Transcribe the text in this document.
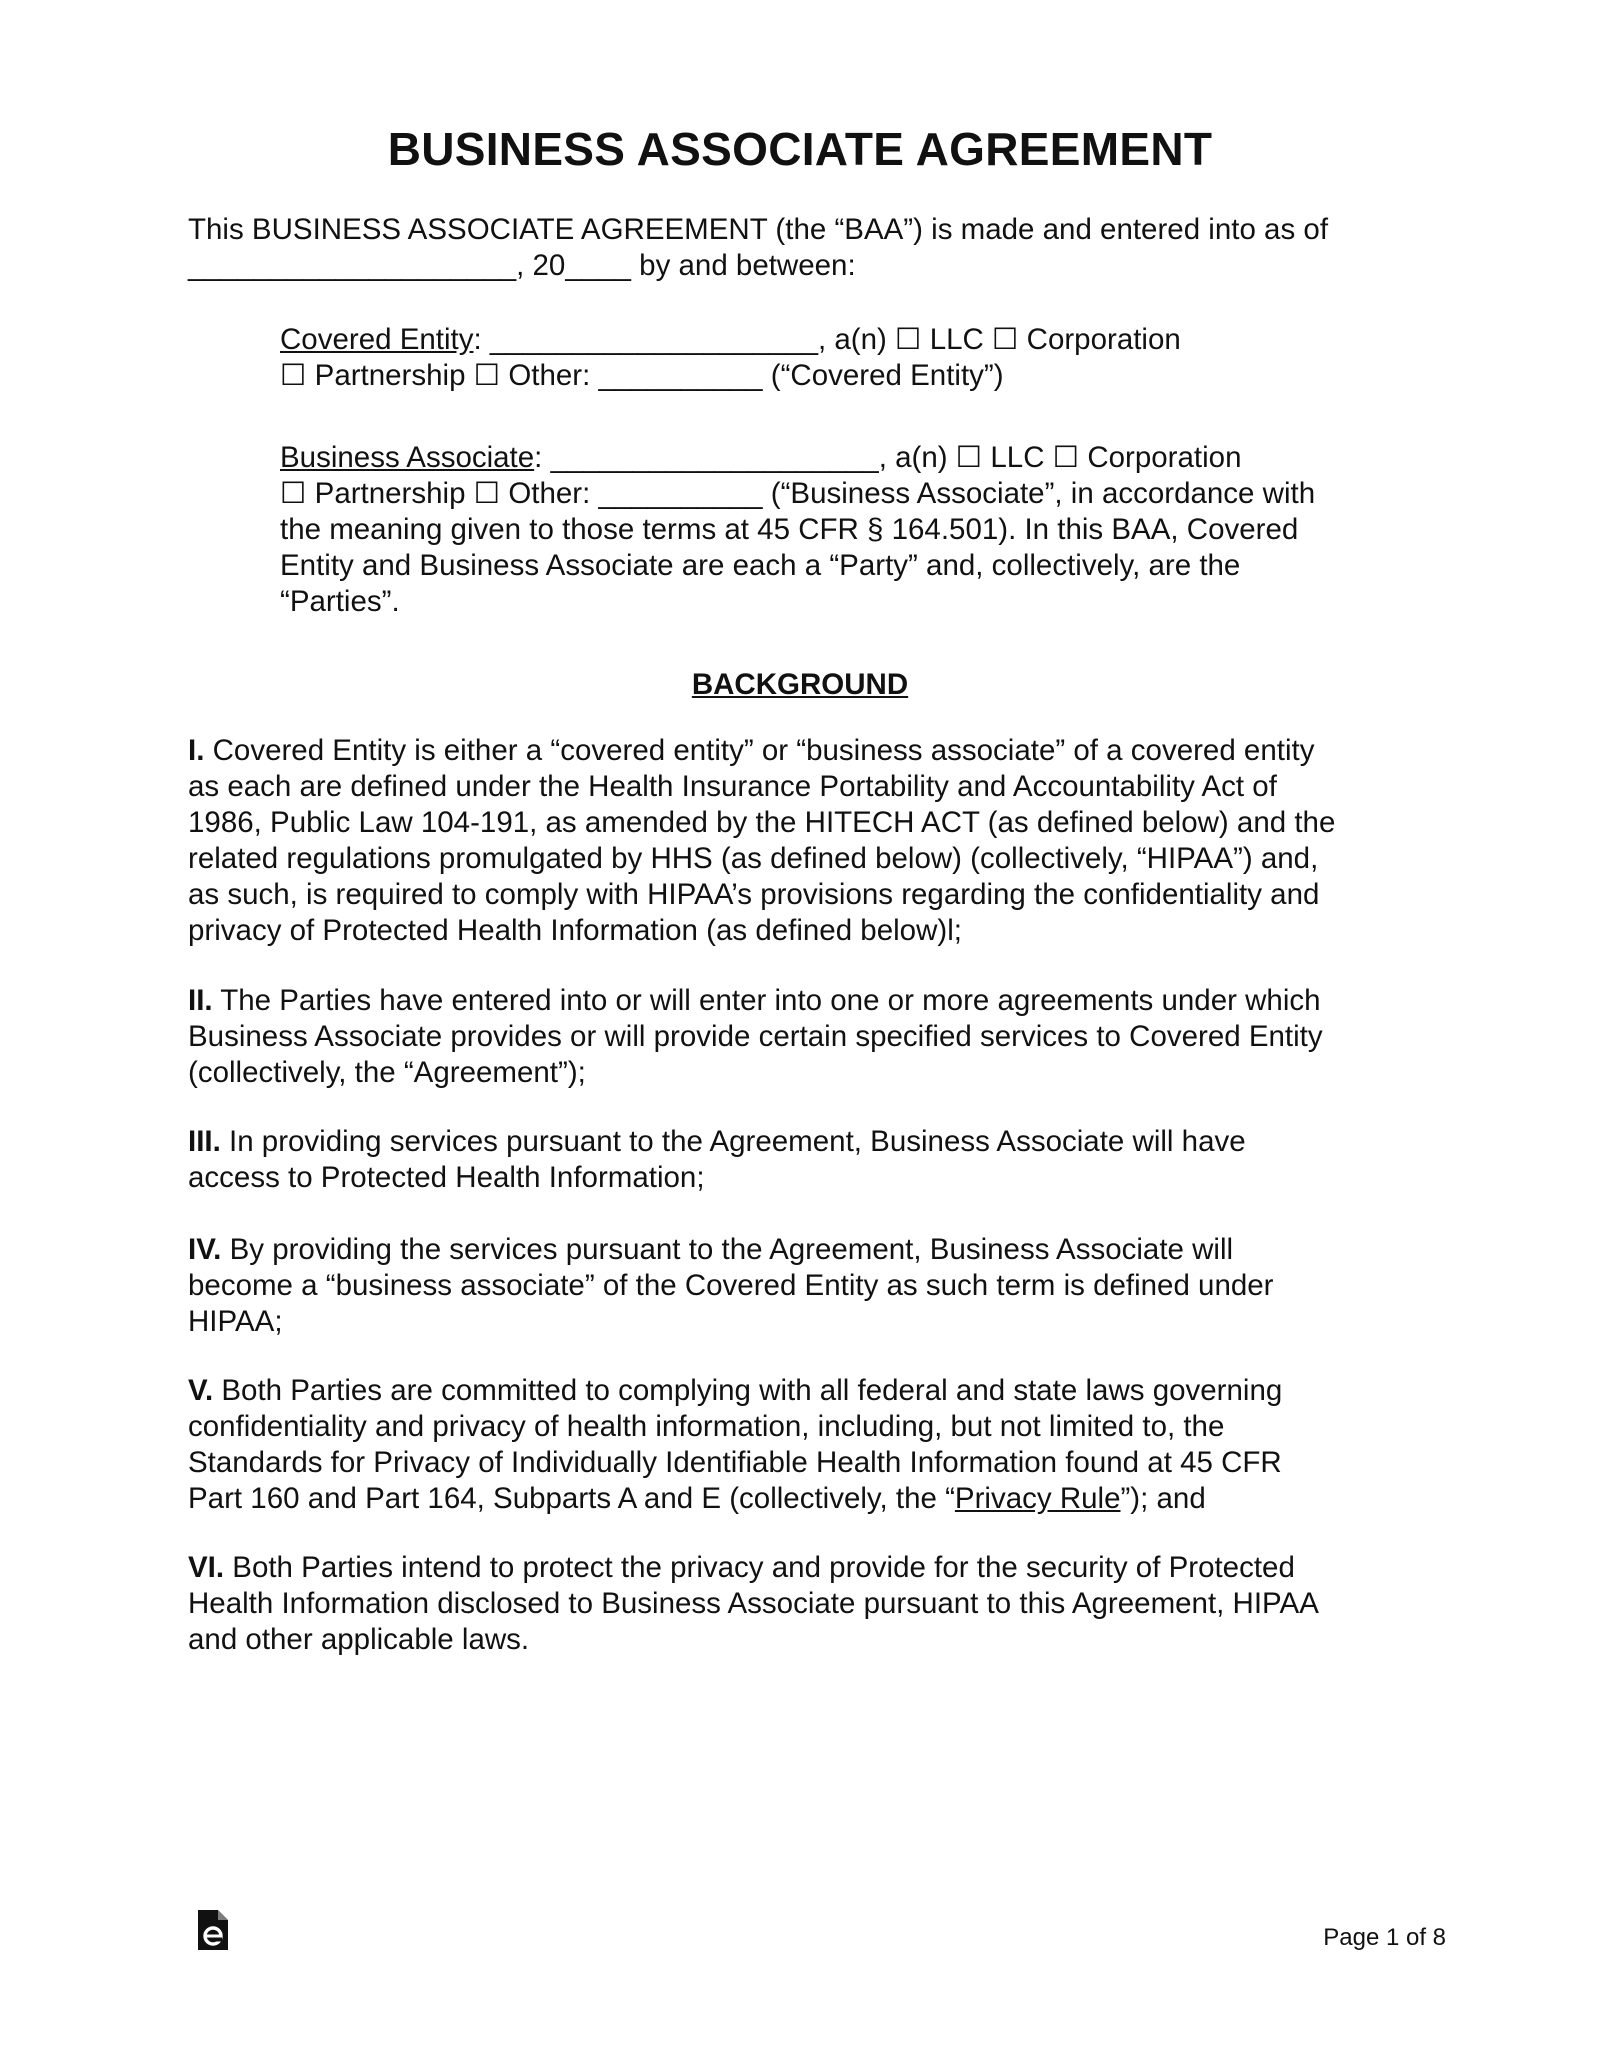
BUSINESS ASSOCIATE AGREEMENT
This BUSINESS ASSOCIATE AGREEMENT (the “BAA”) is made and entered into as of
____________________, 20____ by and between:
Covered Entity: ____________________, a(n) ☐ LLC ☐ Corporation
☐ Partnership ☐ Other: __________ (“Covered Entity”)
Business Associate: ____________________, a(n) ☐ LLC ☐ Corporation
☐ Partnership ☐ Other: __________ (“Business Associate”, in accordance with
the meaning given to those terms at 45 CFR § 164.501). In this BAA, Covered
Entity and Business Associate are each a “Party” and, collectively, are the
“Parties”.
BACKGROUND
I. Covered Entity is either a “covered entity” or “business associate” of a covered entity
as each are defined under the Health Insurance Portability and Accountability Act of
1986, Public Law 104-191, as amended by the HITECH ACT (as defined below) and the
related regulations promulgated by HHS (as defined below) (collectively, “HIPAA”) and,
as such, is required to comply with HIPAA’s provisions regarding the confidentiality and
privacy of Protected Health Information (as defined below)l;
II. The Parties have entered into or will enter into one or more agreements under which
Business Associate provides or will provide certain specified services to Covered Entity
(collectively, the “Agreement”);
III. In providing services pursuant to the Agreement, Business Associate will have
access to Protected Health Information;
IV. By providing the services pursuant to the Agreement, Business Associate will
become a “business associate” of the Covered Entity as such term is defined under
HIPAA;
V. Both Parties are committed to complying with all federal and state laws governing
confidentiality and privacy of health information, including, but not limited to, the
Standards for Privacy of Individually Identifiable Health Information found at 45 CFR
Part 160 and Part 164, Subparts A and E (collectively, the “Privacy Rule”); and
VI. Both Parties intend to protect the privacy and provide for the security of Protected
Health Information disclosed to Business Associate pursuant to this Agreement, HIPAA
and other applicable laws.
Page 1 of 8
